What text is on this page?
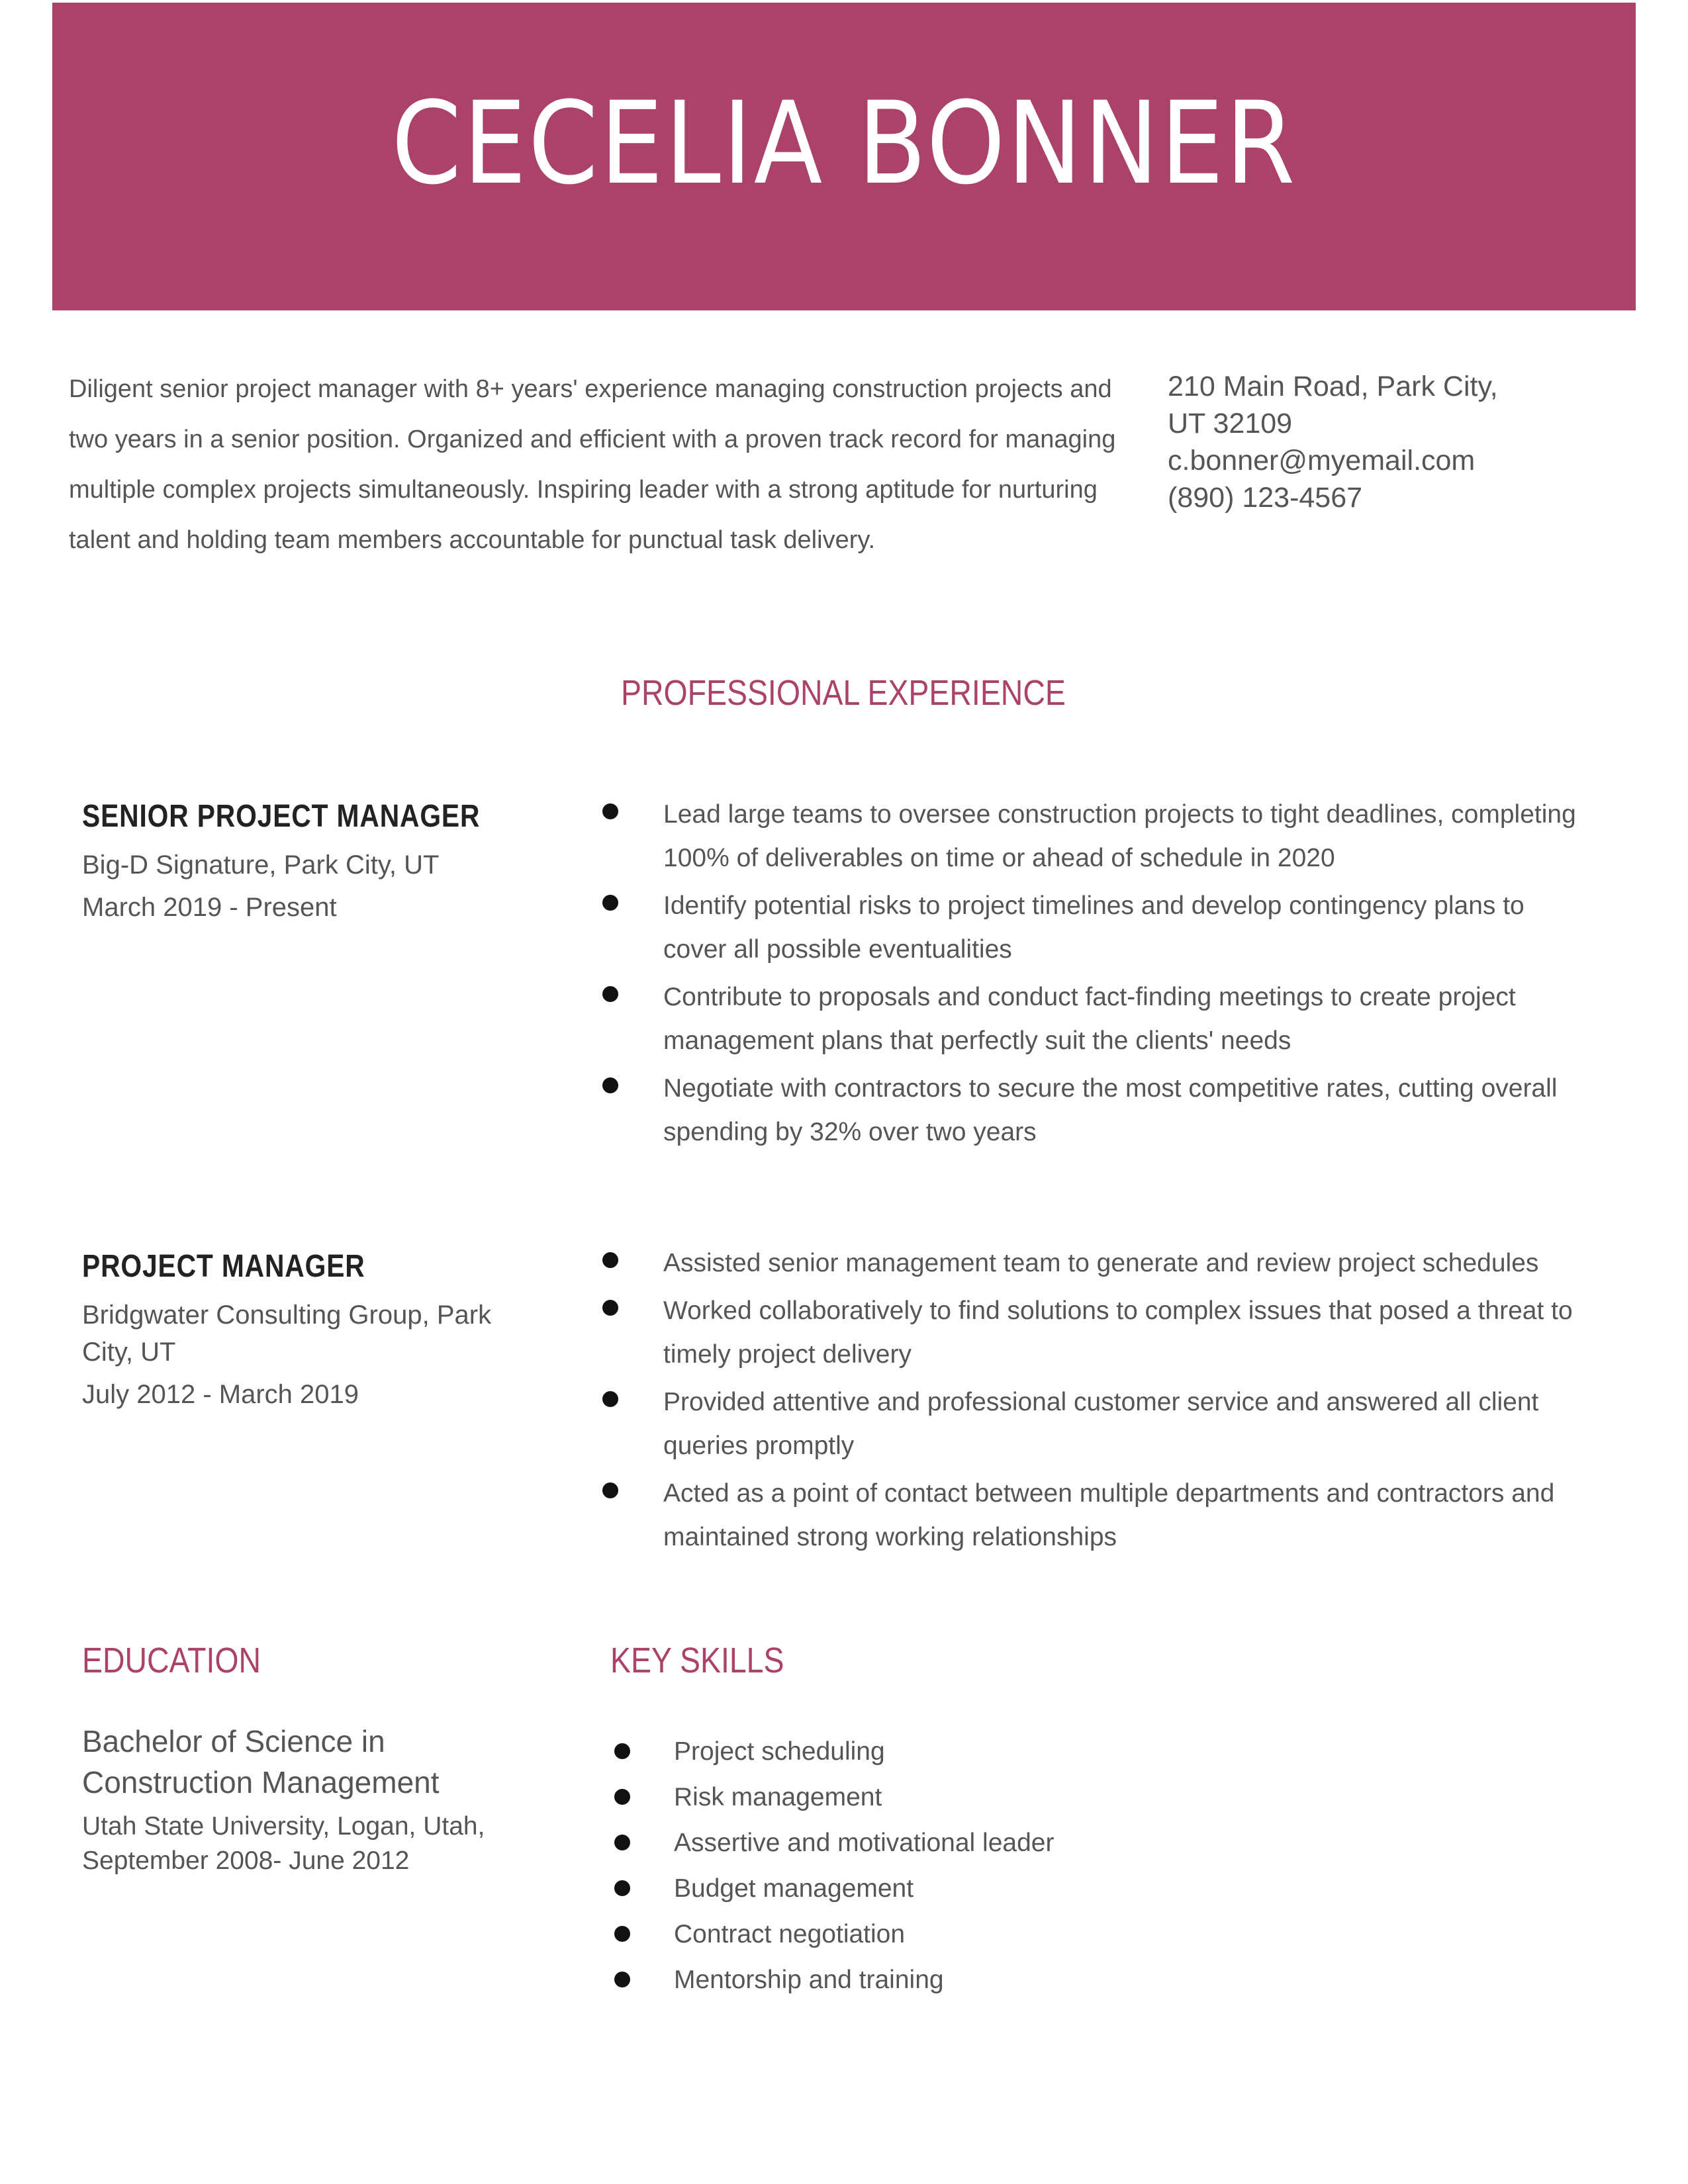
CECELIA BONNER
Diligent senior project manager with 8+ years' experience managing construction projects and two years in a senior position. Organized and efficient with a proven track record for managing multiple complex projects simultaneously. Inspiring leader with a strong aptitude for nurturing talent and holding team members accountable for punctual task delivery.
210 Main Road, Park City,
UT 32109
c.bonner@myemail.com
(890) 123-4567
PROFESSIONAL EXPERIENCE
SENIOR PROJECT MANAGER
Big-D Signature, Park City, UT
March 2019 - Present
Lead large teams to oversee construction projects to tight deadlines, completing 100% of deliverables on time or ahead of schedule in 2020
Identify potential risks to project timelines and develop contingency plans to cover all possible eventualities
Contribute to proposals and conduct fact-finding meetings to create project management plans that perfectly suit the clients' needs
Negotiate with contractors to secure the most competitive rates, cutting overall spending by 32% over two years
PROJECT MANAGER
Bridgwater Consulting Group, Park City, UT
July 2012 - March 2019
Assisted senior management team to generate and review project schedules
Worked collaboratively to find solutions to complex issues that posed a threat to timely project delivery
Provided attentive and professional customer service and answered all client queries promptly
Acted as a point of contact between multiple departments and contractors and maintained strong working relationships
EDUCATION
Bachelor of Science in Construction Management
Utah State University, Logan, Utah,
September 2008- June 2012
KEY SKILLS
Project scheduling
Risk management
Assertive and motivational leader
Budget management
Contract negotiation
Mentorship and training
